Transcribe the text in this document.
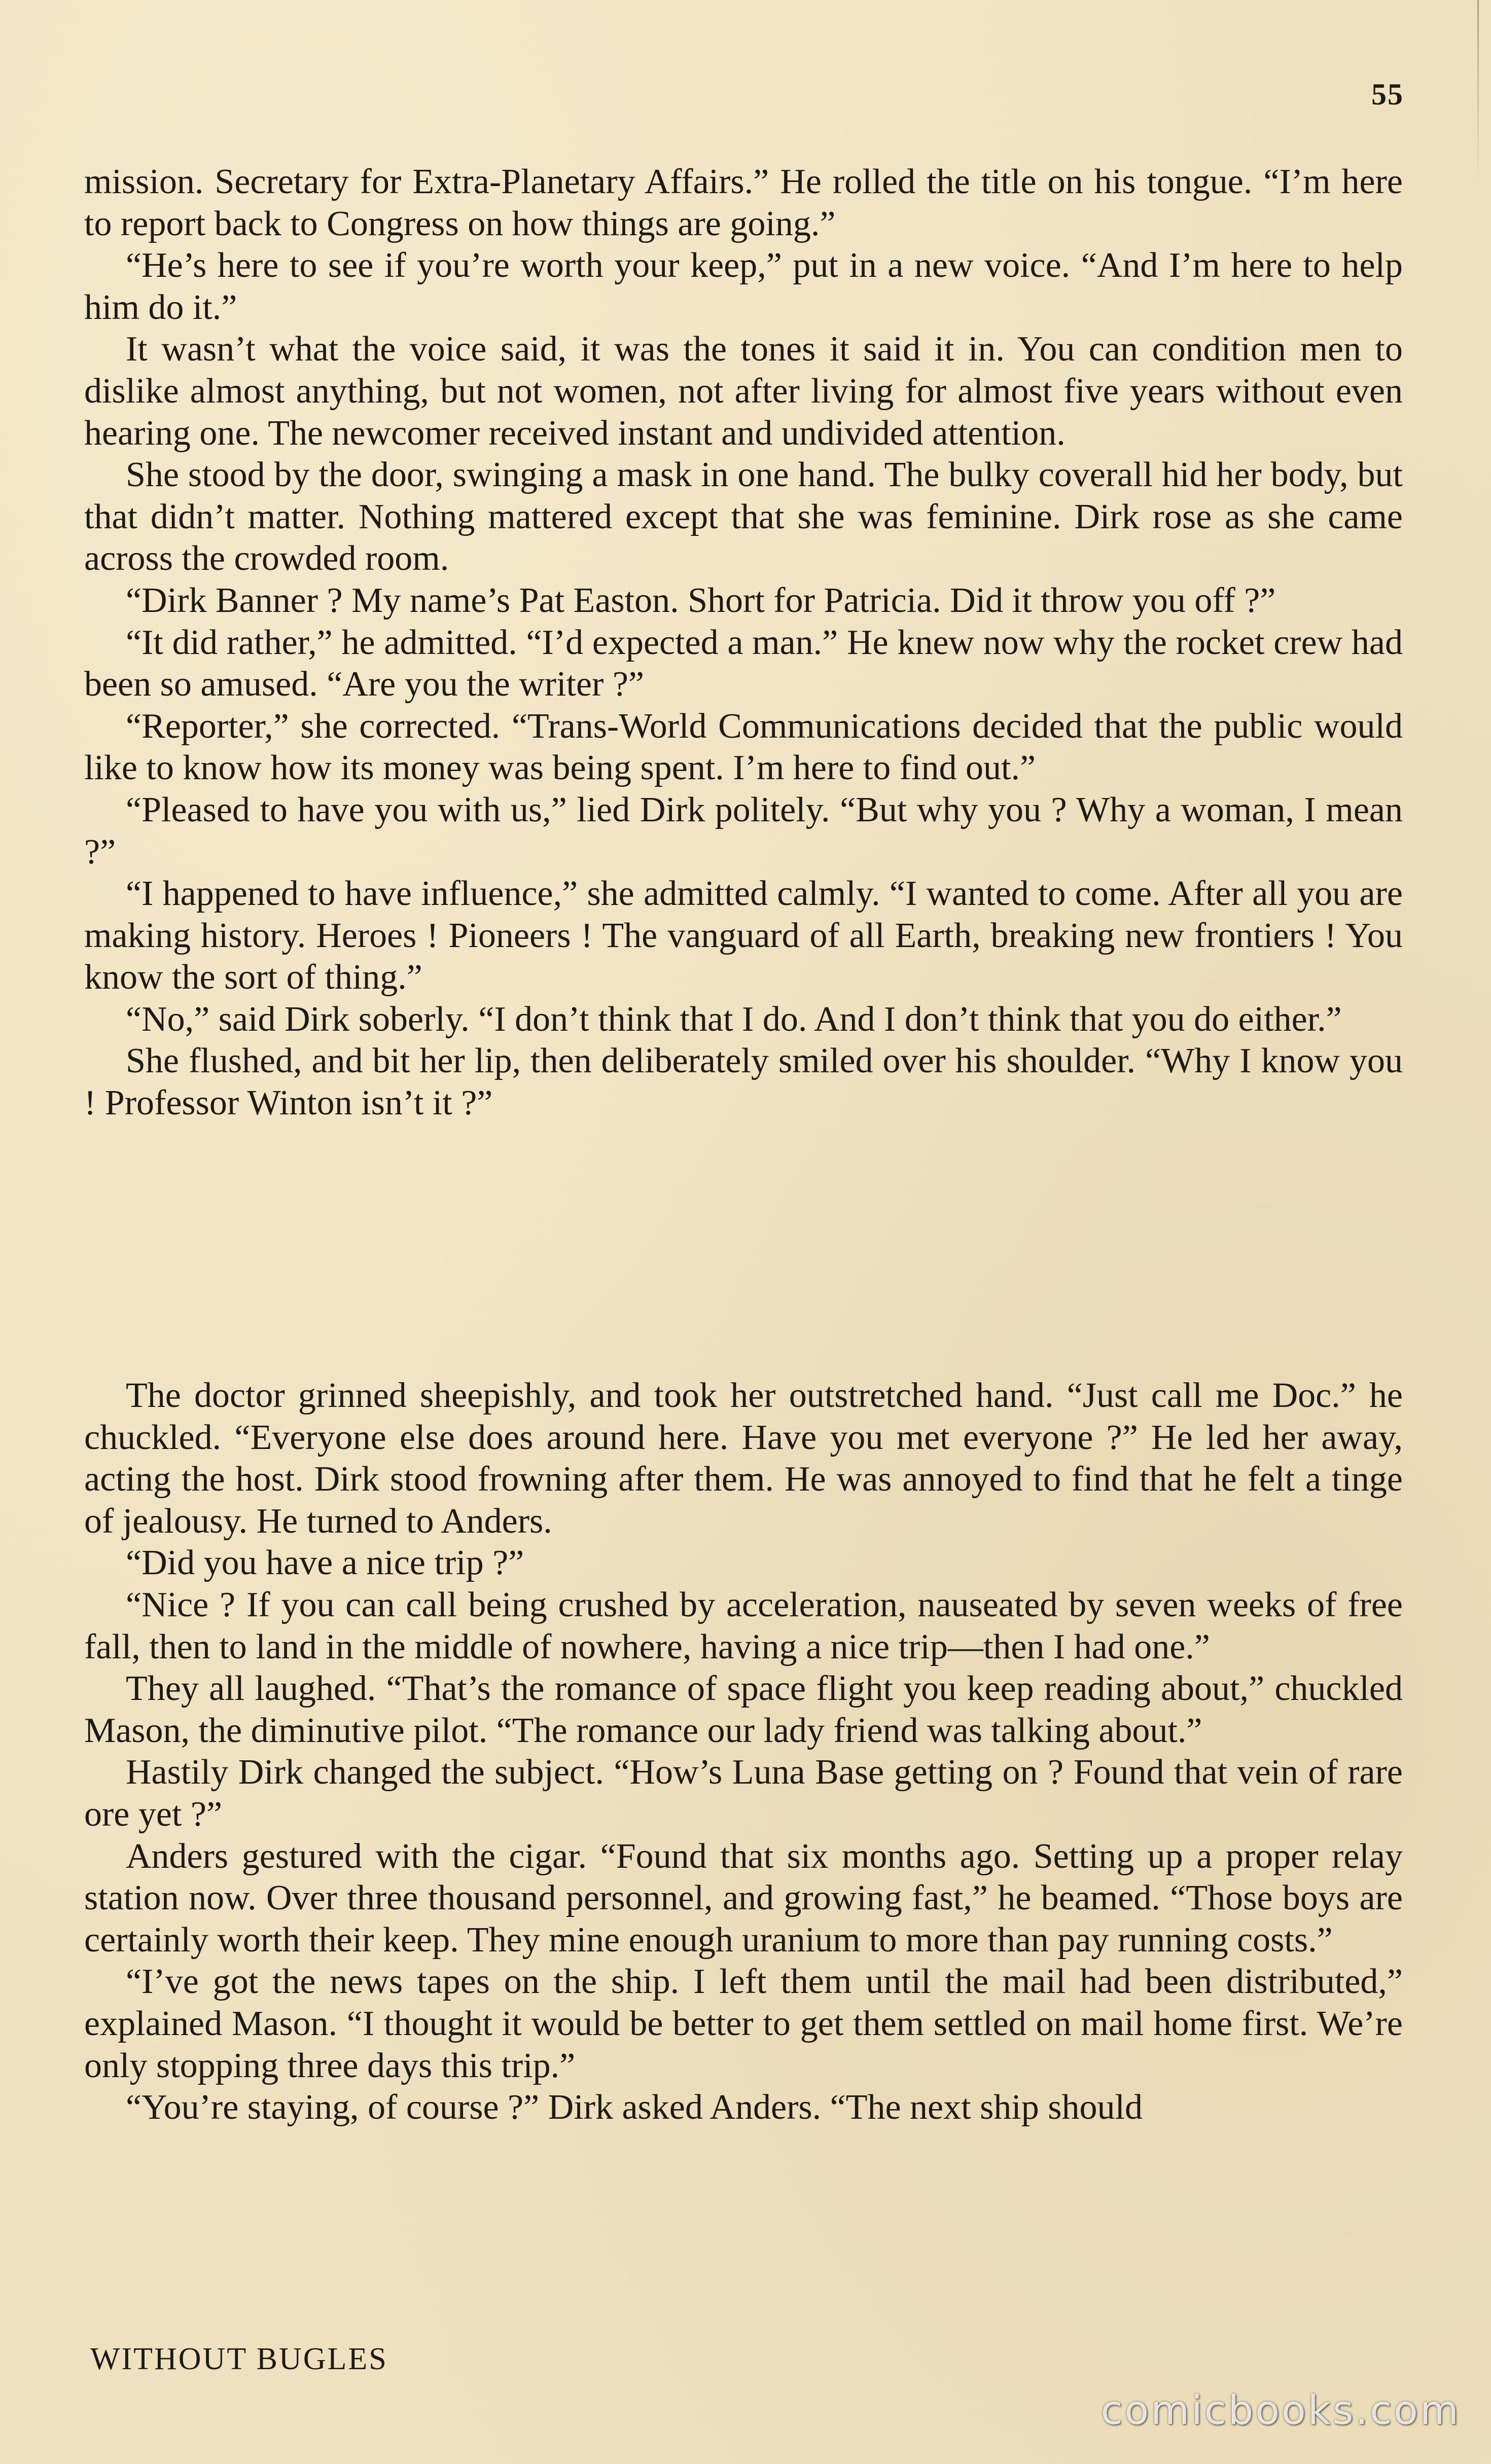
55

mission. Secretary for Extra-Planetary Affairs.” He rolled the title on his tongue. “I’m here to report back to Congress on how things are going.”

“He’s here to see if you’re worth your keep,” put in a new voice. “And I’m here to help him do it.”

It wasn’t what the voice said, it was the tones it said it in. You can condition men to dislike almost anything, but not women, not after living for almost five years without even hearing one. The newcomer received instant and undivided attention.

She stood by the door, swinging a mask in one hand. The bulky coverall hid her body, but that didn’t matter. Nothing mattered except that she was feminine. Dirk rose as she came across the crowded room.

“Dirk Banner ? My name’s Pat Easton. Short for Patricia. Did it throw you off ?”

“It did rather,” he admitted. “I’d expected a man.” He knew now why the rocket crew had been so amused. “Are you the writer ?”

“Reporter,” she corrected. “Trans-World Communications decided that the public would like to know how its money was being spent. I’m here to find out.”

“Pleased to have you with us,” lied Dirk politely. “But why you ? Why a woman, I mean ?”

“I happened to have influence,” she admitted calmly. “I wanted to come. After all you are making history. Heroes ! Pioneers ! The vanguard of all Earth, breaking new frontiers ! You know the sort of thing.”

“No,” said Dirk soberly. “I don’t think that I do. And I don’t think that you do either.”

She flushed, and bit her lip, then deliberately smiled over his shoulder. “Why I know you ! Professor Winton isn’t it ?”

The doctor grinned sheepishly, and took her outstretched hand. “Just call me Doc.” he chuckled. “Everyone else does around here. Have you met everyone ?” He led her away, acting the host. Dirk stood frowning after them. He was annoyed to find that he felt a tinge of jealousy. He turned to Anders.

“Did you have a nice trip ?”

“Nice ? If you can call being crushed by acceleration, nauseated by seven weeks of free fall, then to land in the middle of nowhere, having a nice trip—then I had one.”

They all laughed. “That’s the romance of space flight you keep reading about,” chuckled Mason, the diminutive pilot. “The romance our lady friend was talking about.”

Hastily Dirk changed the subject. “How’s Luna Base getting on ? Found that vein of rare ore yet ?”

Anders gestured with the cigar. “Found that six months ago. Setting up a proper relay station now. Over three thousand personnel, and growing fast,” he beamed. “Those boys are certainly worth their keep. They mine enough uranium to more than pay running costs.”

“I’ve got the news tapes on the ship. I left them until the mail had been distributed,” explained Mason. “I thought it would be better to get them settled on mail home first. We’re only stopping three days this trip.”

“You’re staying, of course ?” Dirk asked Anders. “The next ship should

WITHOUT BUGLES
comicbooks.com
